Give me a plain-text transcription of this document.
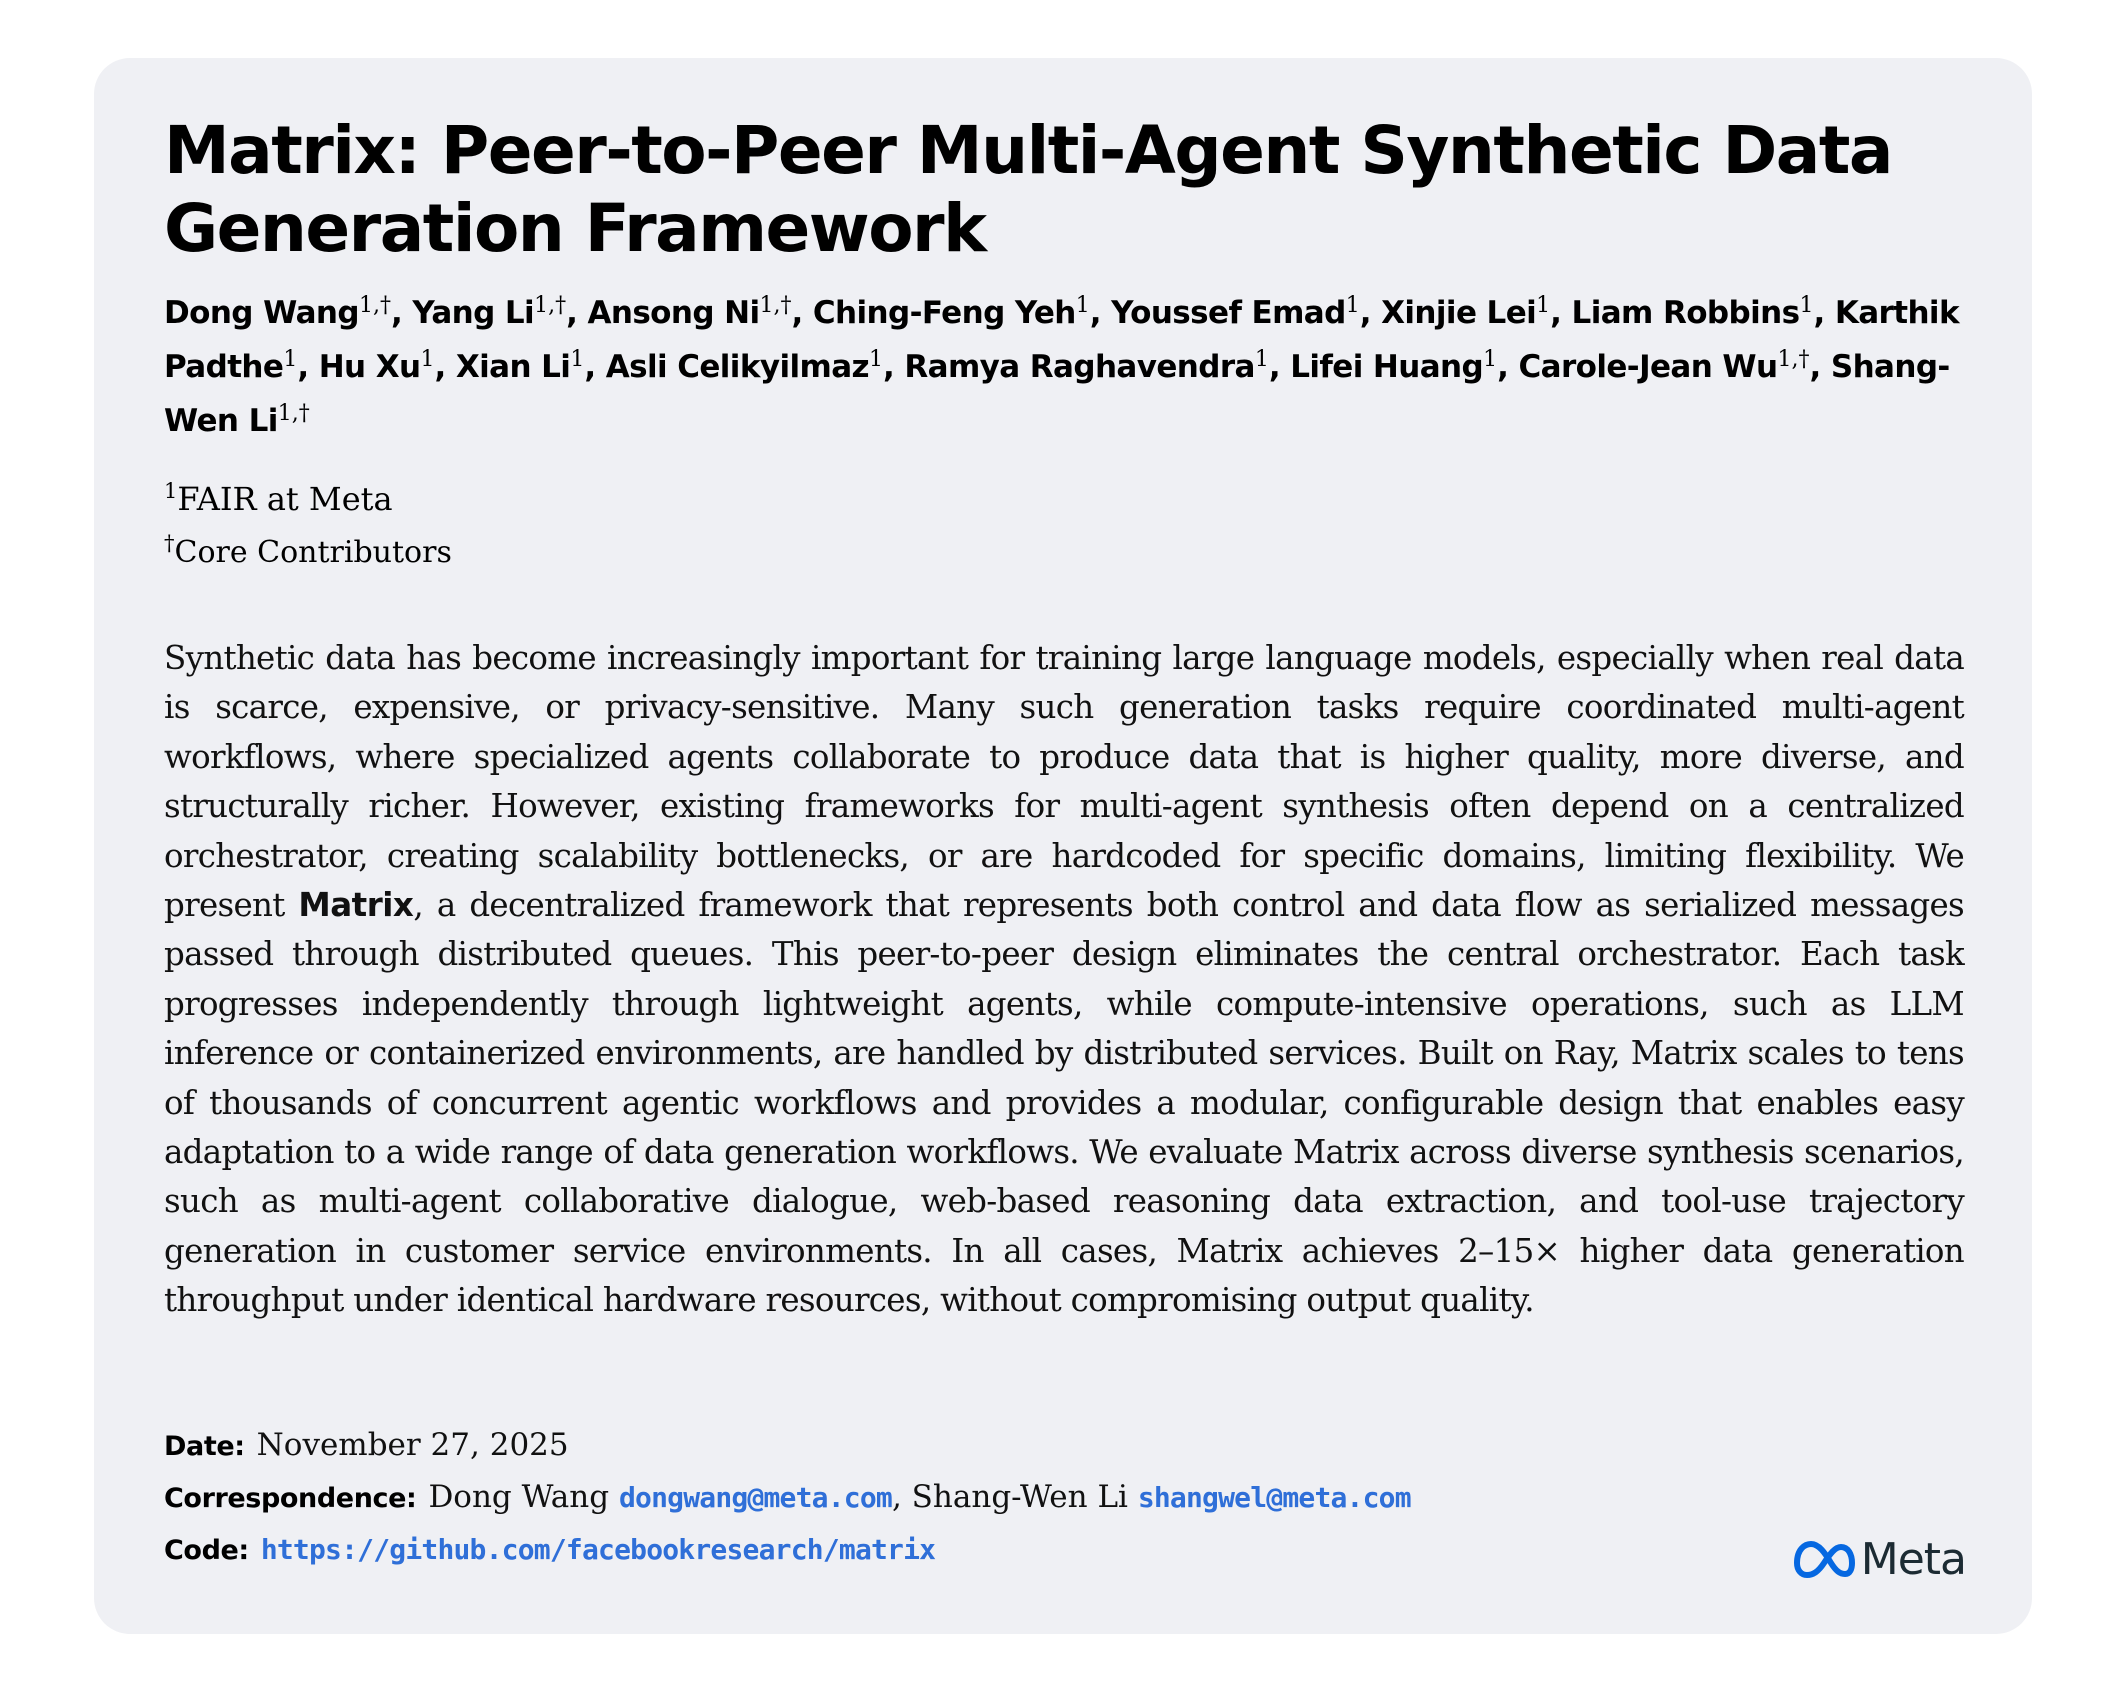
Matrix: Peer-to-Peer Multi-Agent Synthetic Data
Generation Framework
Dong Wang$^{1,\dagger}$, Yang $Li^{1,\dagger}$, Ansong $Ni^{1,\dagger}$, Ching-Feng Yeh$^1$, Youssef Emad$^1$, Xinjie Lei$^1$, Liam Robbins$^1$, Karthik Padthe$^1$, Hu Xu$^1$, Xian Li$^1$, Asli Celikyilmaz$^1$, Ramya Raghavendra$^1$, Lifei Huang$^1$, Carole-Jean $Wu^{1,\dagger}$, Shang-Wen $Li^{1,\dagger}$
$^1$FAIR at Meta
†Core Contributors

Synthetic data has become increasingly important for training large language models, especially when real data is scarce, expensive, or privacy-sensitive. Many such generation tasks require coordinated multi-agent workflows, where specialized agents collaborate to produce data that is higher quality, more diverse, and structurally richer. However, existing frameworks for multi-agent synthesis often depend on a centralized orchestrator, creating scalability bottlenecks, or are hardcoded for specific domains, limiting flexibility. We present Matrix, a decentralized framework that represents both control and data flow as serialized messages passed through distributed queues. This peer-to-peer design eliminates the central orchestrator. Each task progresses independently through lightweight agents, while compute-intensive operations, such as LLM inference or containerized environments, are handled by distributed services. Built on Ray, Matrix scales to tens of thousands of concurrent agentic workflows and provides a modular, configurable design that enables easy adaptation to a wide range of data generation workflows. We evaluate Matrix across diverse synthesis scenarios, such as multi-agent collaborative dialogue, web-based reasoning data extraction, and tool-use trajectory generation in customer service environments. In all cases, Matrix achieves 2–15× higher data generation throughput under identical hardware resources, without compromising output quality.

Date: November 27, 2025
Correspondence: Dong Wang dongwang@meta.com, Shang-Wen Li shangwel@meta.com
Code: https://github.com/facebookresearch/matrix	Meta
